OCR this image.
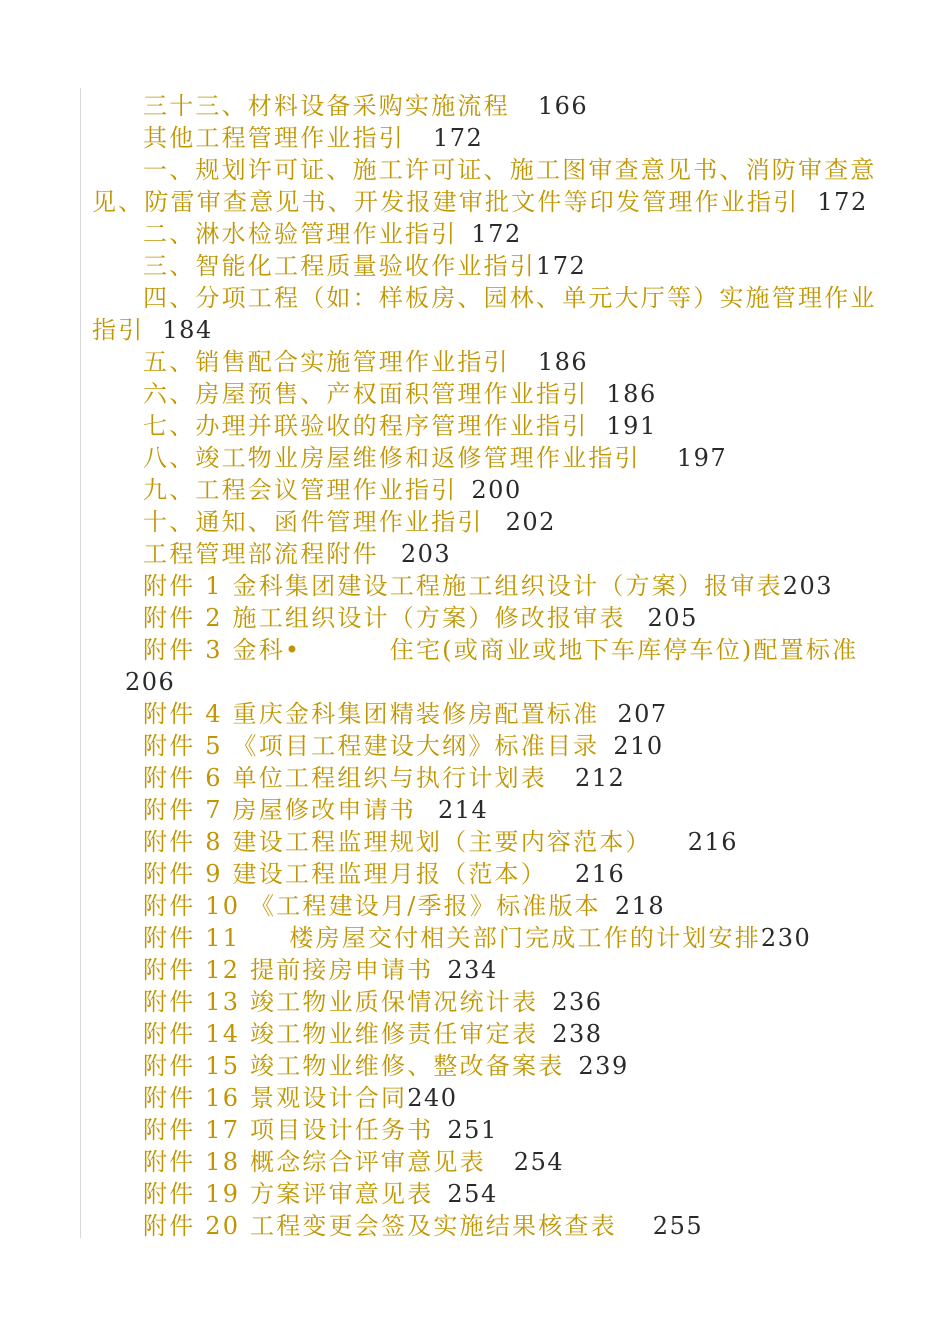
三十三、材料设备采购实施流程 166
其他工程管理作业指引 172
一、规划许可证、施工许可证、施工图审查意见书、消防审查意
见、防雷审查意见书、开发报建审批文件等印发管理作业指引 172
二、淋水检验管理作业指引 172
三、智能化工程质量验收作业指引172
四、分项工程（如：样板房、园林、单元大厅等）实施管理作业
指引 184
五、销售配合实施管理作业指引 186
六、房屋预售、产权面积管理作业指引 186
七、办理并联验收的程序管理作业指引 191
八、竣工物业房屋维修和返修管理作业指引 197
九、工程会议管理作业指引 200
十、通知、函件管理作业指引 202
工程管理部流程附件 203
附件 1 金科集团建设工程施工组织设计（方案）报审表203
附件 2 施工组织设计（方案）修改报审表 205
附件 3 金科•         住宅(或商业或地下车库停车位)配置标准
206
附件 4 重庆金科集团精装修房配置标准 207
附件 5 《项目工程建设大纲》标准目录 210
附件 6 单位工程组织与执行计划表 212
附件 7 房屋修改申请书 214
附件 8 建设工程监理规划（主要内容范本） 216
附件 9 建设工程监理月报（范本） 216
附件 10 《工程建设月/季报》标准版本 218
附件 11     楼房屋交付相关部门完成工作的计划安排230
附件 12 提前接房申请书 234
附件 13 竣工物业质保情况统计表 236
附件 14 竣工物业维修责任审定表 238
附件 15 竣工物业维修、整改备案表 239
附件 16 景观设计合同240
附件 17 项目设计任务书 251
附件 18 概念综合评审意见表 254
附件 19 方案评审意见表 254
附件 20 工程变更会签及实施结果核查表 255
